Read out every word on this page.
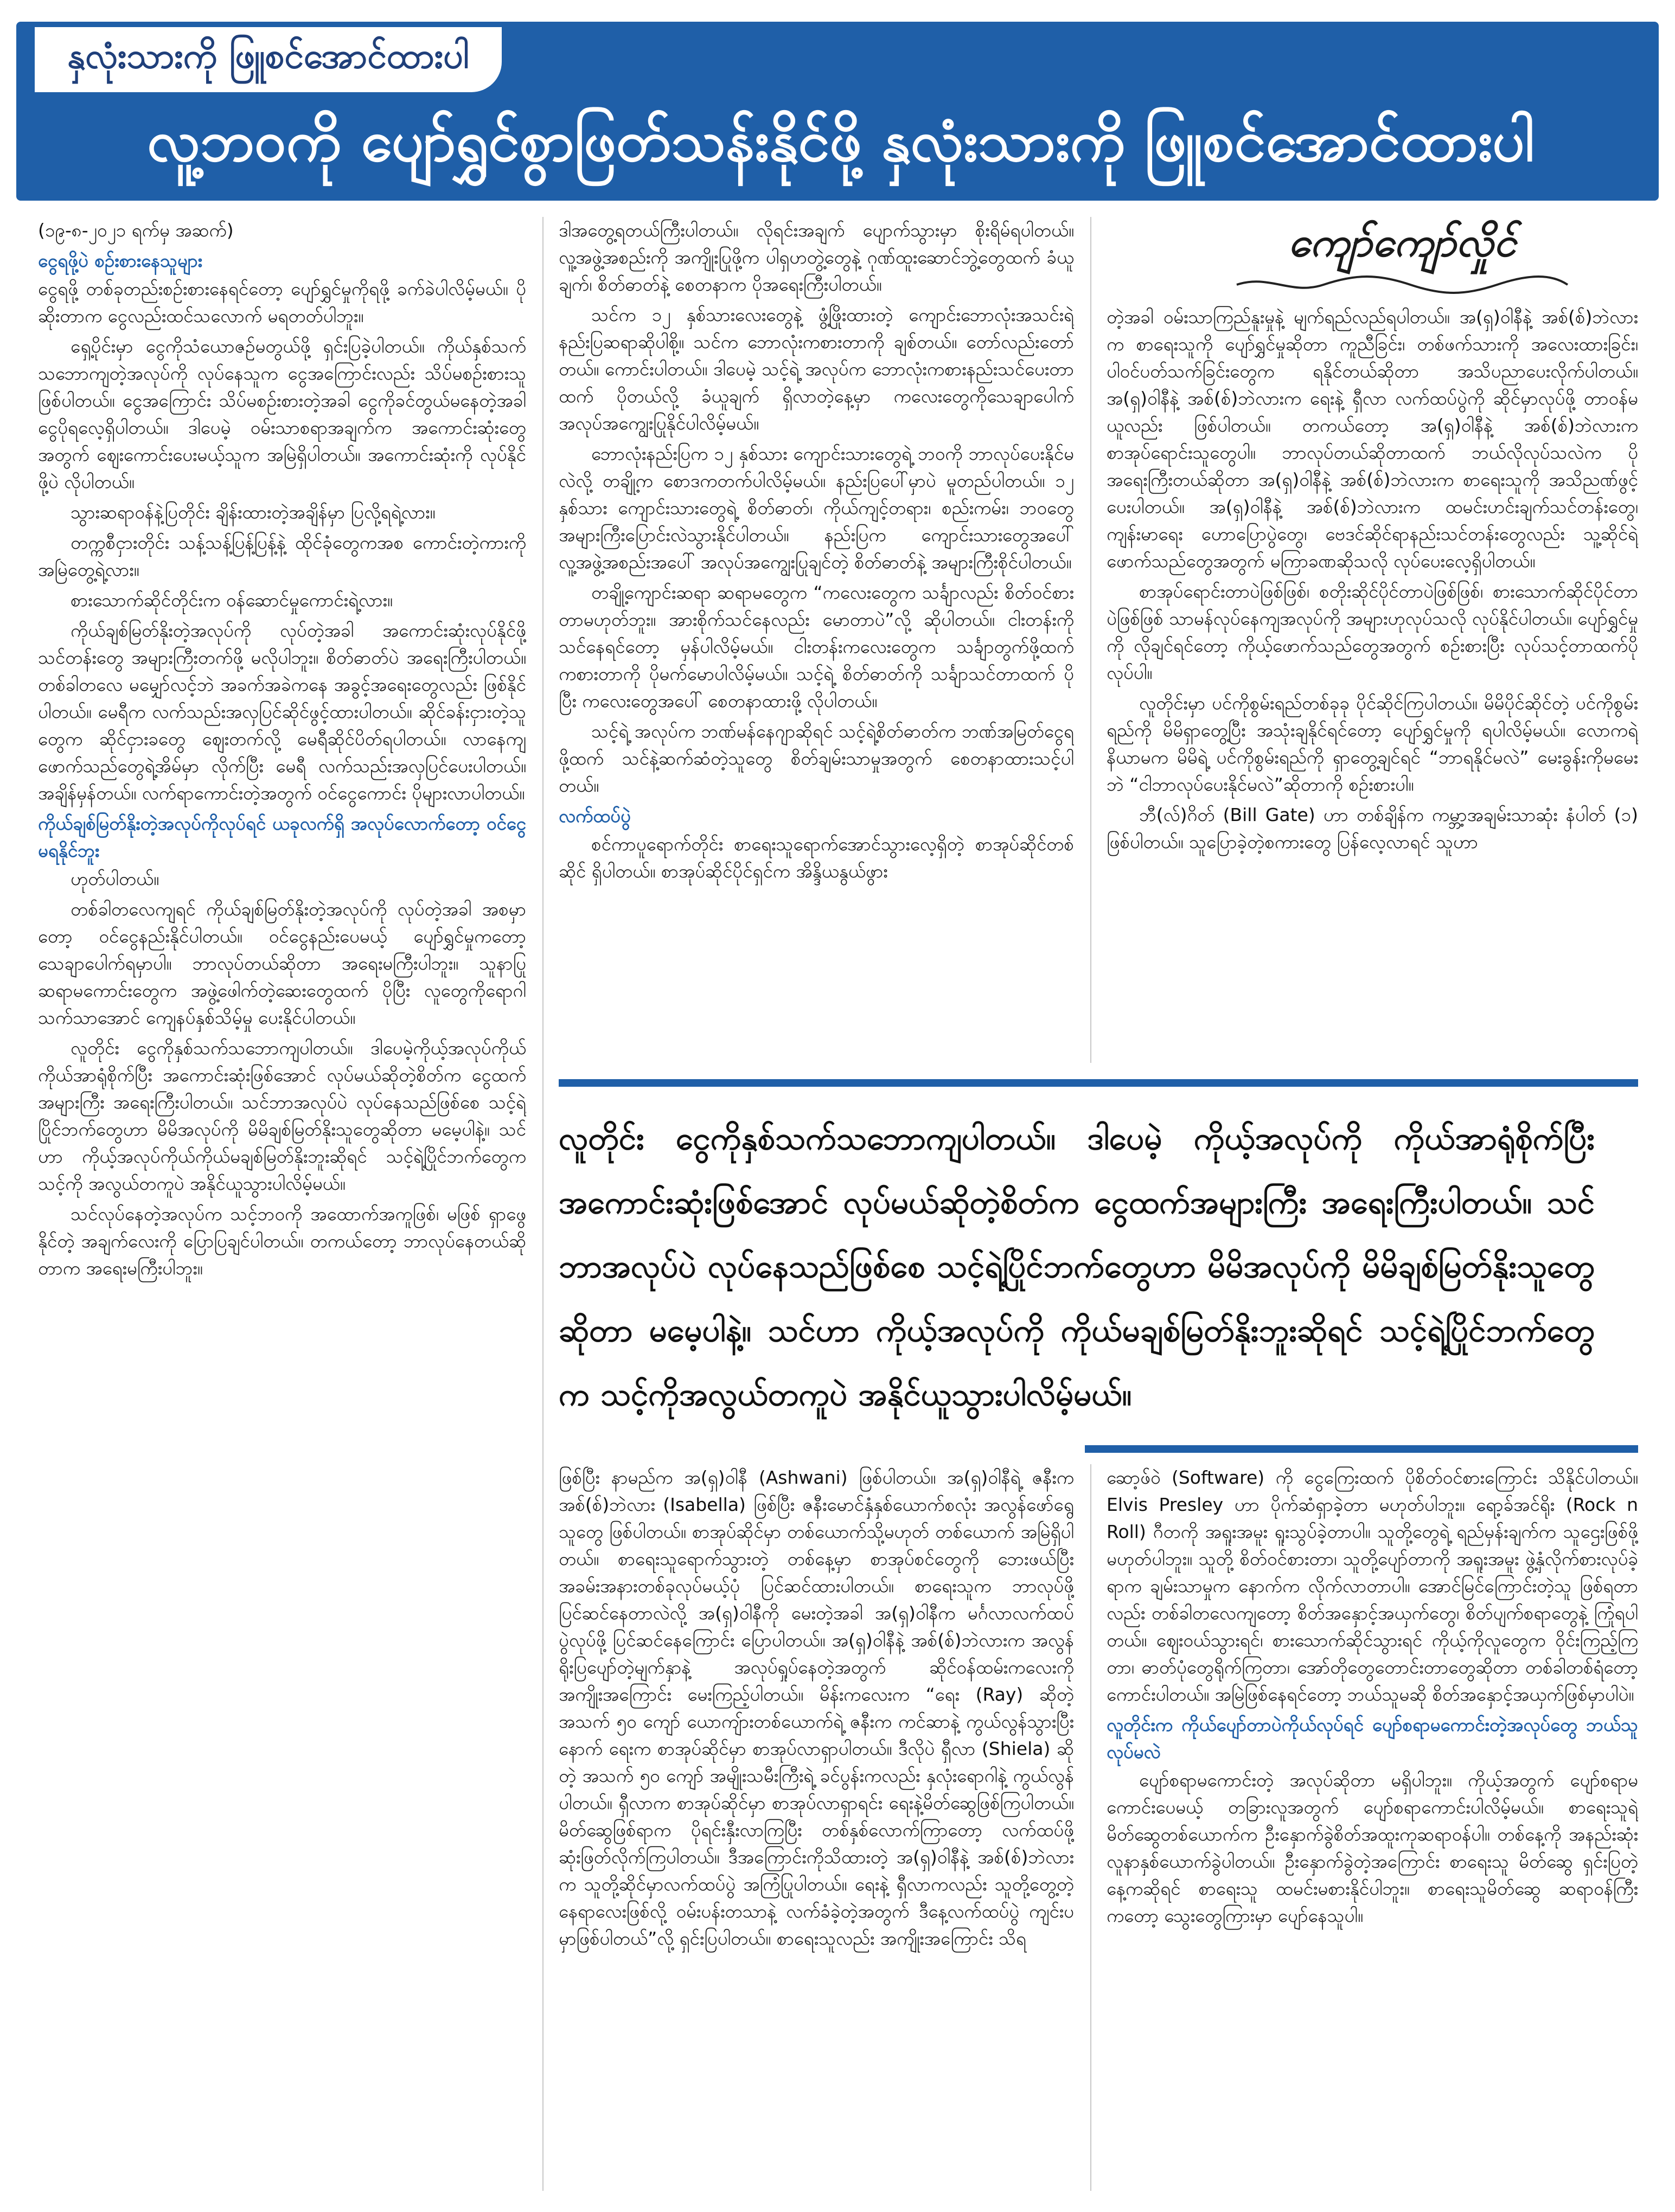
နှလုံးသားကို ဖြူစင်အောင်ထားပါ
လူ့ဘဝကို ပျော်ရွှင်စွာဖြတ်သန်းနိုင်ဖို့ နှလုံးသားကို ဖြူစင်အောင်ထားပါ
ကျော်ကျော်လှိုင်

(၁၉-၈-၂၀၂၁ ရက်မှ အဆက်)

ငွေရဖို့ပဲ စဉ်းစားနေသူများ

ငွေရဖို့ တစ်ခုတည်းစဉ်းစားနေရင်တော့ ပျော်ရွှင်မှုကိုရဖို့ ခက်ခဲပါလိမ့်မယ်။ ပိုဆိုးတာက ငွေလည်းထင်သလောက် မရတတ်ပါဘူး။

ရှေ့ပိုင်းမှာ ငွေကိုသံယောဇဉ်မတွယ်ဖို့ ရှင်းပြခဲ့ပါတယ်။ ကိုယ်နှစ်သက်သဘောကျတဲ့အလုပ်ကို လုပ်နေသူက ငွေအကြောင်းလည်း သိပ်မစဉ်းစားသူ ဖြစ်ပါတယ်။ ငွေအကြောင်း သိပ်မစဉ်းစားတဲ့အခါ ငွေကိုခင်တွယ်မနေတဲ့အခါ ငွေပိုရလေ့ရှိပါတယ်။ ဒါပေမဲ့ ဝမ်းသာစရာအချက်က အကောင်းဆုံးတွေအတွက် ဈေးကောင်းပေးမယ့်သူက အမြဲရှိပါတယ်။ အကောင်းဆုံးကို လုပ်နိုင်ဖို့ပဲ လိုပါတယ်။

သွားဆရာဝန်နဲ့ပြတိုင်း ချိန်းထားတဲ့အချိန်မှာ ပြလို့ရရဲ့လား။

တက္ကစီငှားတိုင်း သန့်သန့်ပြန့်ပြန့်နဲ့ ထိုင်ခုံတွေကအစ ကောင်းတဲ့ကားကို အမြဲတွေ့ရဲ့လား။

စားသောက်ဆိုင်တိုင်းက ဝန်ဆောင်မှုကောင်းရဲ့လား။

ကိုယ်ချစ်မြတ်နိုးတဲ့အလုပ်ကို လုပ်တဲ့အခါ အကောင်းဆုံးလုပ်နိုင်ဖို့ သင်တန်းတွေ အများကြီးတက်ဖို့ မလိုပါဘူး။ စိတ်ဓာတ်ပဲ အရေးကြီးပါတယ်။ တစ်ခါတလေ မမျှော်လင့်ဘဲ အခက်အခဲကနေ အခွင့်အရေးတွေလည်း ဖြစ်နိုင်ပါတယ်။ မေရီက လက်သည်းအလှပြင်ဆိုင်ဖွင့်ထားပါတယ်။ ဆိုင်ခန်းငှားတဲ့သူတွေက ဆိုင်ငှားခတွေ ဈေးတက်လို့ မေရီဆိုင်ပိတ်ရပါတယ်။ လာနေကျဖောက်သည်တွေရဲ့အိမ်မှာ လိုက်ပြီး မေရီ လက်သည်းအလှပြင်ပေးပါတယ်။ အချိန်မှန်တယ်။ လက်ရာကောင်းတဲ့အတွက် ဝင်ငွေကောင်း ပိုများလာပါတယ်။

ကိုယ်ချစ်မြတ်နိုးတဲ့အလုပ်ကိုလုပ်ရင် ယခုလက်ရှိ အလုပ်လောက်တော့ ဝင်ငွေမရနိုင်ဘူး

ဟုတ်ပါတယ်။

တစ်ခါတလေကျရင် ကိုယ်ချစ်မြတ်နိုးတဲ့အလုပ်ကို လုပ်တဲ့အခါ အစမှာတော့ ဝင်ငွေနည်းနိုင်ပါတယ်။ ဝင်ငွေနည်းပေမယ့် ပျော်ရွှင်မှုကတော့ သေချာပေါက်ရမှာပါ။ ဘာလုပ်တယ်ဆိုတာ အရေးမကြီးပါဘူး။ သူနာပြုဆရာမကောင်းတွေက အဖွဲ့ဖေါက်တဲ့ဆေးတွေထက် ပိုပြီး လူတွေကိုရောဂါသက်သာအောင် ကျေနပ်နှစ်သိမ့်မှု ပေးနိုင်ပါတယ်။

လူတိုင်း ငွေကိုနှစ်သက်သဘောကျပါတယ်။ ဒါပေမဲ့ကိုယ့်အလုပ်ကိုယ်ကိုယ်အာရုံစိုက်ပြီး အကောင်းဆုံးဖြစ်အောင် လုပ်မယ်ဆိုတဲ့စိတ်က ငွေထက်အများကြီး အရေးကြီးပါတယ်။ သင်ဘာအလုပ်ပဲ လုပ်နေသည်ဖြစ်စေ သင့်ရဲ့ပြိုင်ဘက်တွေဟာ မိမိအလုပ်ကို မိမိချစ်မြတ်နိုးသူတွေဆိုတာ မမေ့ပါနဲ့။ သင်ဟာ ကိုယ့်အလုပ်ကိုယ်ကိုယ်မချစ်မြတ်နိုးဘူးဆိုရင် သင့်ရဲ့ပြိုင်ဘက်တွေက သင့်ကို အလွယ်တကူပဲ အနိုင်ယူသွားပါလိမ့်မယ်။

သင်လုပ်နေတဲ့အလုပ်က သင့်ဘဝကို အထောက်အကူဖြစ်၊ မဖြစ် ရှာဖွေနိုင်တဲ့ အချက်လေးကို ပြောပြချင်ပါတယ်။ တကယ်တော့ ဘာလုပ်နေတယ်ဆိုတာက အရေးမကြီးပါဘူး။

ဒါအတွေ့ရတယ်ကြီးပါတယ်။ လိုရင်းအချက် ပျောက်သွားမှာ စိုးရိမ်ရပါတယ်။ လူ့အဖွဲ့အစည်းကို အကျိုးပြုဖို့က ပါရှဟတွဲ့တွေနဲ့ ဂုဏ်ထူးဆောင်ဘွဲ့တွေထက် ခံယူချက်၊ စိတ်ဓာတ်နဲ့ စေတနာက ပိုအရေးကြီးပါတယ်။

သင်က ၁၂ နှစ်သားလေးတွေနဲ့ ဖွံ့ဖြိုးထားတဲ့ ကျောင်းဘောလုံးအသင်းရဲ့ နည်းပြဆရာဆိုပါစို့။ သင်က ဘောလုံးကစားတာကို ချစ်တယ်။ တော်လည်းတော်တယ်။ ကောင်းပါတယ်။ ဒါပေမဲ့ သင့်ရဲ့ အလုပ်က ဘောလုံးကစားနည်းသင်ပေးတာထက် ပိုတယ်လို့ ခံယူချက် ရှိလာတဲ့နေ့မှာ ကလေးတွေကိုသေချာပေါက် အလုပ်အကျွေးပြုနိုင်ပါလိမ့်မယ်။

ဘောလုံးနည်းပြက ၁၂ နှစ်သား ကျောင်းသားတွေရဲ့ ဘဝကို ဘာလုပ်ပေးနိုင်မလဲလို့ တချို့က စောဒကတက်ပါလိမ့်မယ်။ နည်းပြပေါ်မှာပဲ မူတည်ပါတယ်။ ၁၂ နှစ်သား ကျောင်းသားတွေရဲ့ စိတ်ဓာတ်၊ ကိုယ်ကျင့်တရား၊ စည်းကမ်း၊ ဘဝတွေ အများကြီးပြောင်းလဲသွားနိုင်ပါတယ်။ နည်းပြက ကျောင်းသားတွေအပေါ် လူ့အဖွဲ့အစည်းအပေါ် အလုပ်အကျွေးပြုချင်တဲ့ စိတ်ဓာတ်နဲ့ အများကြီးစိုင်ပါတယ်။

တချို့ကျောင်းဆရာ ဆရာမတွေက “ကလေးတွေက သင်္ချာလည်း စိတ်ဝင်စားတာမဟုတ်ဘူး။ အားစိုက်သင်နေလည်း မောတာပဲ”လို့ ဆိုပါတယ်။ ငါးတန်းကို သင်နေရင်တော့ မှန်ပါလိမ့်မယ်။ ငါးတန်းကလေးတွေက သင်္ချာတွက်ဖို့ထက် ကစားတာကို ပိုမက်မောပါလိမ့်မယ်။ သင့်ရဲ့ စိတ်ဓာတ်ကို သင်္ချာသင်တာထက် ပိုပြီး ကလေးတွေအပေါ် စေတနာထားဖို့ လိုပါတယ်။

သင့်ရဲ့ အလုပ်က ဘဏ်မန်နေဂျာဆိုရင် သင့်ရဲ့စိတ်ဓာတ်က ဘဏ်အမြတ်ငွေရဖို့ထက် သင်နဲ့ဆက်ဆံတဲ့သူတွေ စိတ်ချမ်းသာမှုအတွက် စေတနာထားသင့်ပါတယ်။

လက်ထပ်ပွဲ

စင်ကာပူရောက်တိုင်း စာရေးသူရောက်အောင်သွားလေ့ရှိတဲ့ စာအုပ်ဆိုင်တစ်ဆိုင် ရှိပါတယ်။ စာအုပ်ဆိုင်ပိုင်ရှင်က အိန္ဒိယနွယ်ဖွား

တဲ့အခါ ဝမ်းသာကြည်နူးမှုနဲ့ မျက်ရည်လည်ရပါတယ်။ အ(ရှ)ဝါနီနဲ့ အစ်(စ်)ဘဲလားက စာရေးသူကို ပျော်ရွှင်မှုဆိုတာ ကူညီခြင်း၊ တစ်ဖက်သားကို အလေးထားခြင်း၊ ပါဝင်ပတ်သက်ခြင်းတွေက ရနိုင်တယ်ဆိုတာ အသိပညာပေးလိုက်ပါတယ်။ အ(ရှ)ဝါနီနဲ့ အစ်(စ်)ဘဲလားက ရေးနဲ့ ရှီလာ လက်ထပ်ပွဲကို ဆိုင်မှာလုပ်ဖို့ တာဝန်မယူလည်း ဖြစ်ပါတယ်။ တကယ်တော့ အ(ရှ)ဝါနီနဲ့ အစ်(စ်)ဘဲလားက စာအုပ်ရောင်းသူတွေပါ။ ဘာလုပ်တယ်ဆိုတာထက် ဘယ်လိုလုပ်သလဲက ပိုအရေးကြီးတယ်ဆိုတာ အ(ရှ)ဝါနီနဲ့ အစ်(စ်)ဘဲလားက စာရေးသူကို အသိညဏ်ဖွင့်ပေးပါတယ်။ အ(ရှ)ဝါနီနဲ့ အစ်(စ်)ဘဲလားက ထမင်းဟင်းချက်သင်တန်းတွေ၊ ကျန်းမာရေး ဟောပြောပွဲတွေ၊ ဗေဒင်ဆိုင်ရာနည်းသင်တန်းတွေလည်း သူ့ဆိုင်ရဲ့ ဖောက်သည်တွေအတွက် မကြာခဏဆိုသလို လုပ်ပေးလေ့ရှိပါတယ်။

စာအုပ်ရောင်းတာပဲဖြစ်ဖြစ်၊ စတိုးဆိုင်ပိုင်တာပဲဖြစ်ဖြစ်၊ စားသောက်ဆိုင်ပိုင်တာပဲဖြစ်ဖြစ် သာမန်လုပ်နေကျအလုပ်ကို အများဟုလုပ်သလို လုပ်နိုင်ပါတယ်။ ပျော်ရွှင်မှုကို လိုချင်ရင်တော့ ကိုယ့်ဖောက်သည်တွေအတွက် စဉ်းစားပြီး လုပ်သင့်တာထက်ပိုလုပ်ပါ။

လူတိုင်းမှာ ပင်ကိုစွမ်းရည်တစ်ခုခု ပိုင်ဆိုင်ကြပါတယ်။ မိမိပိုင်ဆိုင်တဲ့ ပင်ကိုစွမ်းရည်ကို မိမိရှာတွေ့ပြီး အသုံးချနိုင်ရင်တော့ ပျော်ရွှင်မှုကို ရပါလိမ့်မယ်။ လောကရဲ့ နိယာမက မိမိရဲ့ ပင်ကိုစွမ်းရည်ကို ရှာတွေ့ချင်ရင် “ဘာရနိုင်မလဲ” မေးခွန်းကိုမမေးဘဲ “ငါဘာလုပ်ပေးနိုင်မလဲ”ဆိုတာကို စဉ်းစားပါ။

ဘီ(လ်)ဂိတ် (Bill Gate) ဟာ တစ်ချိန်က ကမ္ဘာ့အချမ်းသာဆုံး နံပါတ် (၁) ဖြစ်ပါတယ်။ သူပြောခဲ့တဲ့စကားတွေ ပြန်လေ့လာရင် သူဟာ

လူတိုင်း ငွေကိုနှစ်သက်သဘောကျပါတယ်။ ဒါပေမဲ့ ကိုယ့်အလုပ်ကို ကိုယ်အာရုံစိုက်ပြီး အကောင်းဆုံးဖြစ်အောင် လုပ်မယ်ဆိုတဲ့စိတ်က ငွေထက်အများကြီး အရေးကြီးပါတယ်။ သင်ဘာအလုပ်ပဲ လုပ်နေသည်ဖြစ်စေ သင့်ရဲ့ပြိုင်ဘက်တွေဟာ မိမိအလုပ်ကို မိမိချစ်မြတ်နိုးသူတွေဆိုတာ မမေ့ပါနဲ့။ သင်ဟာ ကိုယ့်အလုပ်ကို ကိုယ်မချစ်မြတ်နိုးဘူးဆိုရင် သင့်ရဲ့ပြိုင်ဘက်တွေက သင့်ကိုအလွယ်တကူပဲ အနိုင်ယူသွားပါလိမ့်မယ်။

ဖြစ်ပြီး နာမည်က အ(ရှ)ဝါနီ (Ashwani) ဖြစ်ပါတယ်။ အ(ရှ)ဝါနီရဲ့ ဇနီးက အစ်(စ်)ဘဲလား (Isabella) ဖြစ်ပြီး ဇနီးမောင်နှံနှစ်ယောက်စလုံး အလွန်ဖော်ရွေသူတွေ ဖြစ်ပါတယ်။ စာအုပ်ဆိုင်မှာ တစ်ယောက်သို့မဟုတ် တစ်ယောက် အမြဲရှိပါတယ်။ စာရေးသူရောက်သွားတဲ့ တစ်နေ့မှာ စာအုပ်စင်တွေကို ဘေးဖယ်ပြီး အခမ်းအနားတစ်ခုလုပ်မယ့်ပုံ ပြင်ဆင်ထားပါတယ်။ စာရေးသူက ဘာလုပ်ဖို့ ပြင်ဆင်နေတာလဲလို့ အ(ရှ)ဝါနီကို မေးတဲ့အခါ အ(ရှ)ဝါနီက မင်္ဂလာလက်ထပ်ပွဲလုပ်ဖို့ ပြင်ဆင်နေကြောင်း ပြောပါတယ်။ အ(ရှ)ဝါနီနဲ့ အစ်(စ်)ဘဲလားက အလွန်ရိုးပြပျော်တဲ့မျက်နှာနဲ့ အလုပ်ရှုပ်နေတဲ့အတွက် ဆိုင်ဝန်ထမ်းကလေးကို အကျိုးအကြောင်း မေးကြည့်ပါတယ်။ မိန်းကလေးက “ရေး (Ray) ဆိုတဲ့ အသက် ၅၀ ကျော် ယောကျ်ားတစ်ယောက်ရဲ့ ဇနီးက ကင်ဆာနဲ့ ကွယ်လွန်သွားပြီးနောက် ရေးက စာအုပ်ဆိုင်မှာ စာအုပ်လာရှာပါတယ်။ ဒီလိုပဲ ရှီလာ (Shiela) ဆိုတဲ့ အသက် ၅၀ ကျော် အမျိုးသမီးကြီးရဲ့ ခင်ပွန်းကလည်း နှလုံးရောဂါနဲ့ ကွယ်လွန်ပါတယ်။ ရှီလာက စာအုပ်ဆိုင်မှာ စာအုပ်လာရှာရင်း ရေးနဲ့မိတ်ဆွေဖြစ်ကြပါတယ်။ မိတ်ဆွေဖြစ်ရာက ပိုရင်းနှီးလာကြပြီး တစ်နှစ်လောက်ကြာတော့ လက်ထပ်ဖို့ ဆုံးဖြတ်လိုက်ကြပါတယ်။ ဒီအကြောင်းကိုသိထားတဲ့ အ(ရှ)ဝါနီနဲ့ အစ်(စ်)ဘဲလားက သူတို့ဆိုင်မှာလက်ထပ်ပွဲ အကြံပြုပါတယ်။ ရေးနဲ့ ရှီလာကလည်း သူတို့တွေ့တဲ့နေရာလေးဖြစ်လို့ ဝမ်းပန်းတသာနဲ့ လက်ခံခဲ့တဲ့အတွက် ဒီနေ့လက်ထပ်ပွဲ ကျင်းပမှာဖြစ်ပါတယ်”လို့ ရှင်းပြပါတယ်။ စာရေးသူလည်း အကျိုးအကြောင်း သိရ

ဆော့ဖ်ဝဲ (Software) ကို ငွေကြေးထက် ပိုစိတ်ဝင်စားကြောင်း သိနိုင်ပါတယ်။ Elvis Presley ဟာ ပိုက်ဆံရှာခဲ့တာ မဟုတ်ပါဘူး။ ရော့ခ်အင်ရိုး (Rock n Roll) ဂီတကို အရူးအမူး ရူးသွပ်ခဲ့တာပါ။ သူတို့တွေရဲ့ ရည်မှန်းချက်က သူဌေးဖြစ်ဖို့ မဟုတ်ပါဘူး။ သူတို့ စိတ်ဝင်စားတာ၊ သူတို့ပျော်တာကို အရူးအမူး ဖွဲ့နှံလိုက်စားလုပ်ခဲ့ရာက ချမ်းသာမှုက နောက်က လိုက်လာတာပါ။ အောင်မြင်ကြောင်းတဲ့သူ ဖြစ်ရတာလည်း တစ်ခါတလေကျတော့ စိတ်အနှောင့်အယှက်တွေ၊ စိတ်ပျက်စရာတွေနဲ့ ကြုံရပါတယ်။ ဈေးဝယ်သွားရင်၊ စားသောက်ဆိုင်သွားရင် ကိုယ့်ကိုလူတွေက ဝိုင်းကြည့်ကြတာ၊ ဓာတ်ပုံတွေရိုက်ကြတာ၊ အော်တိုတွေတောင်းတာတွေဆိုတာ တစ်ခါတစ်ရံတော့ ကောင်းပါတယ်။ အမြဲဖြစ်နေရင်တော့ ဘယ်သူမဆို စိတ်အနှောင့်အယှက်ဖြစ်မှာပါပဲ။

လူတိုင်းက ကိုယ်ပျော်တာပဲကိုယ်လုပ်ရင် ပျော်စရာမကောင်းတဲ့အလုပ်တွေ ဘယ်သူလုပ်မလဲ

ပျော်စရာမကောင်းတဲ့ အလုပ်ဆိုတာ မရှိပါဘူး။ ကိုယ့်အတွက် ပျော်စရာမကောင်းပေမယ့် တခြားလူအတွက် ပျော်စရာကောင်းပါလိမ့်မယ်။ စာရေးသူရဲ့ မိတ်ဆွေတစ်ယောက်က ဦးနှောက်ခွဲစိတ်အထူးကုဆရာဝန်ပါ။ တစ်နေ့ကို အနည်းဆုံး လူနာနှစ်ယောက်ခွဲပါတယ်။ ဦးနှောက်ခွဲတဲ့အကြောင်း စာရေးသူ မိတ်ဆွေ ရှင်းပြတဲ့နေ့ကဆိုရင် စာရေးသူ ထမင်းမစားနိုင်ပါဘူး။ စာရေးသူမိတ်ဆွေ ဆရာဝန်ကြီးကတော့ သွေးတွေကြားမှာ ပျော်နေသူပါ။
